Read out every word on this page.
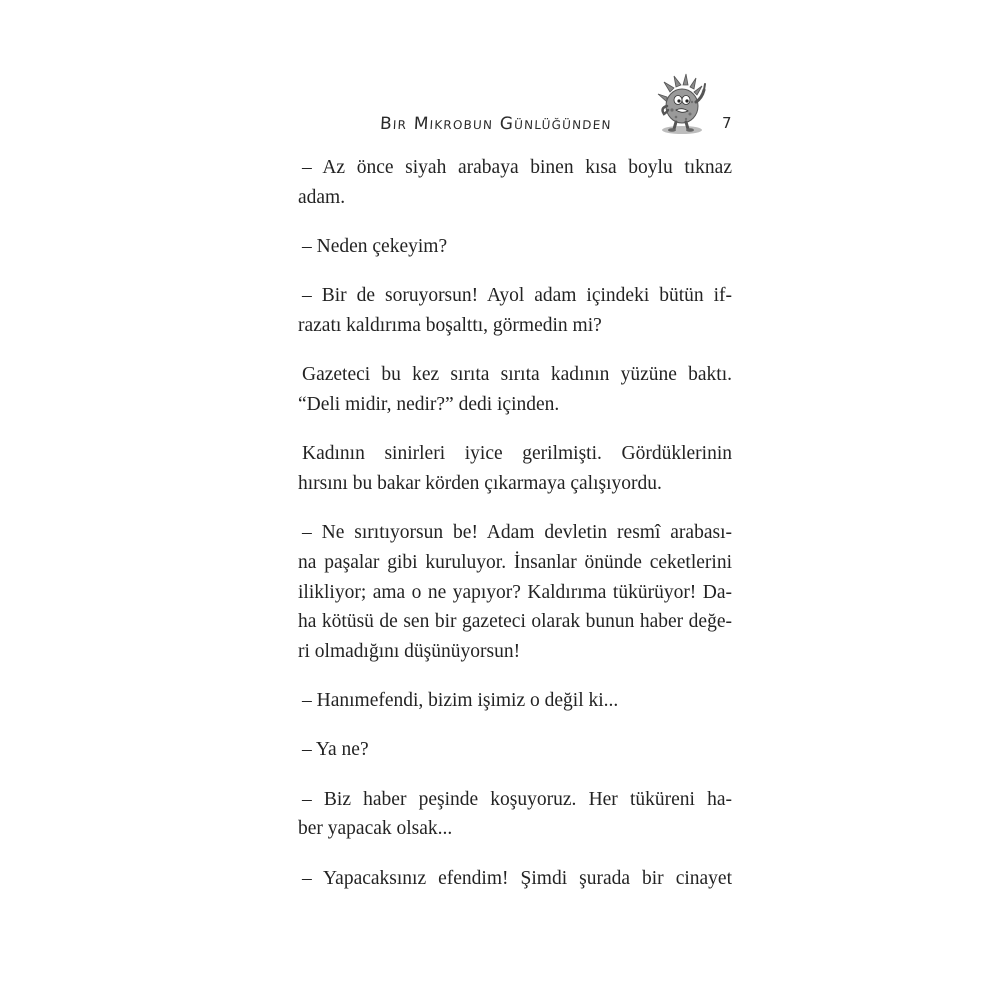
Bir Mikrobun Günlüğünden	7
– Az önce siyah arabaya binen kısa boylu tıknaz
adam.
– Neden çekeyim?
– Bir de soruyorsun! Ayol adam içindeki bütün if-
razatı kaldırıma boşalttı, görmedin mi?
Gazeteci bu kez sırıta sırıta kadının yüzüne baktı.
“Deli midir, nedir?” dedi içinden.
Kadının sinirleri iyice gerilmişti. Gördüklerinin
hırsını bu bakar körden çıkarmaya çalışıyordu.
– Ne sırıtıyorsun be! Adam devletin resmî arabası-
na paşalar gibi kuruluyor. İnsanlar önünde ceketlerini
ilikliyor; ama o ne yapıyor? Kaldırıma tükürüyor! Da-
ha kötüsü de sen bir gazeteci olarak bunun haber değe-
ri olmadığını düşünüyorsun!
– Hanımefendi, bizim işimiz o değil ki...
– Ya ne?
– Biz haber peşinde koşuyoruz. Her tüküreni ha-
ber yapacak olsak...
– Yapacaksınız efendim! Şimdi şurada bir cinayet
